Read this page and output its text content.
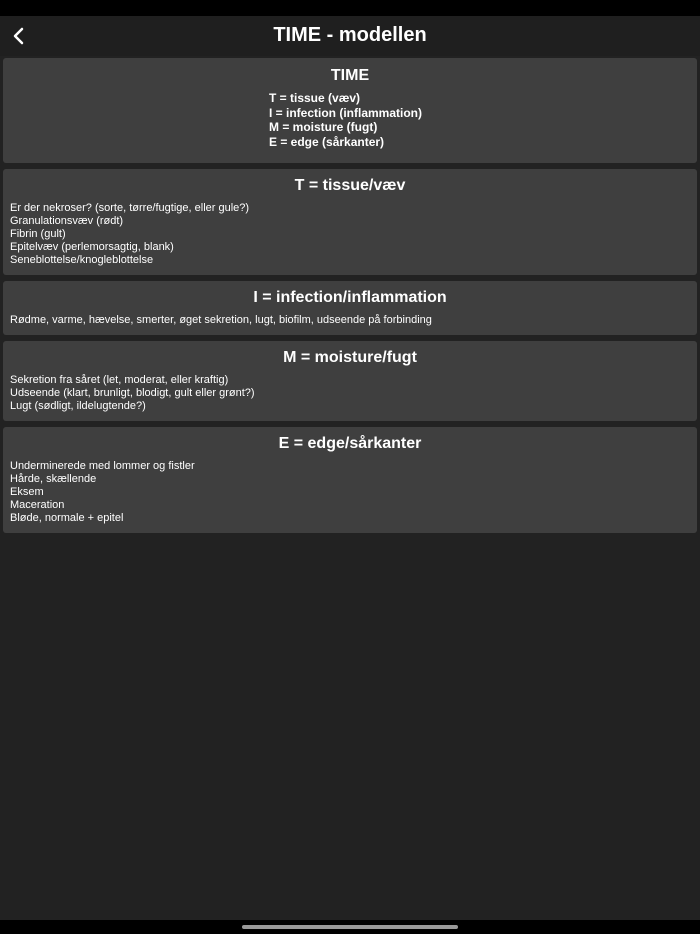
TIME - modellen
TIME
T = tissue (væv)
I = infection (inflammation)
M = moisture (fugt)
E = edge (sårkanter)
T = tissue/væv
Er der nekroser? (sorte, tørre/fugtige, eller gule?)
Granulationsvæv (rødt)
Fibrin (gult)
Epitelvæv (perlemorsagtig, blank)
Seneblottelse/knogleblottelse
I = infection/inflammation
Rødme, varme, hævelse, smerter, øget sekretion, lugt, biofilm, udseende på forbinding
M = moisture/fugt
Sekretion fra såret (let, moderat, eller kraftig)
Udseende (klart, brunligt, blodigt, gult eller grønt?)
Lugt (sødligt, ildelugtende?)
E = edge/sårkanter
Underminerede med lommer og fistler
Hårde, skællende
Eksem
Maceration
Bløde, normale + epitel
